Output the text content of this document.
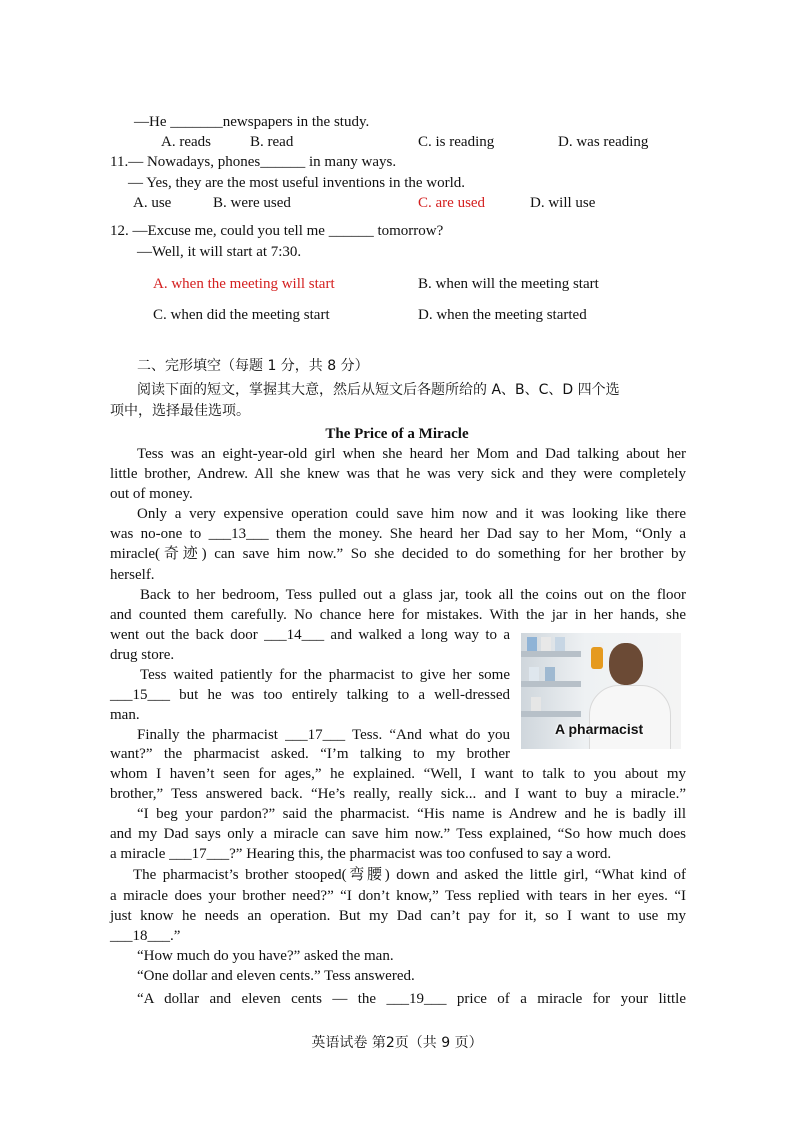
—He _______newspapers in the study.
A. reads	B. read	C. is reading	D. was reading
11.— Nowadays, phones______ in many ways.
— Yes, they are the most useful inventions in the world.
A. use	B. were used	C. are used	D. will use
12. —Excuse me, could you tell me ______ tomorrow?
—Well, it will start at 7:30.
A. when the meeting will start	B. when will the meeting start
C. when did the meeting start	D. when the meeting started
二、完形填空（每题 1 分，共 8 分）
阅读下面的短文，掌握其大意，然后从短文后各题所给的 A、B、C、D 四个选
项中，选择最佳选项。
The Price of a Miracle
Tess was an eight-year-old girl when she heard her Mom and Dad talking about her
little brother, Andrew. All she knew was that he was very sick and they were completely
out of money.
Only a very expensive operation could save him now and it was looking like there
was no-one to ___13___ them the money. She heard her Dad say to her Mom, “Only a
miracle(奇迹) can save him now.” So she decided to do something for her brother by
herself.
Back to her bedroom, Tess pulled out a glass jar, took all the coins out on the floor
and counted them carefully. No chance here for mistakes. With the jar in her hands, she
went out the back door ___14___ and walked a long way to a
drug store.
Tess waited patiently for the pharmacist to give her some
___15___ but he was too entirely talking to a well-dressed
man.
Finally the pharmacist ___17___ Tess. “And what do you
want?” the pharmacist asked. “I’m talking to my brother
whom I haven’t seen for ages,” he explained. “Well, I want to talk to you about my
brother,” Tess answered back. “He’s really, really sick... and I want to buy a miracle.”
“I beg your pardon?” said the pharmacist. “His name is Andrew and he is badly ill
and my Dad says only a miracle can save him now.” Tess explained, “So how much does
a miracle ___17___?” Hearing this, the pharmacist was too confused to say a word.
The pharmacist’s brother stooped(弯腰) down and asked the little girl, “What kind of
a miracle does your brother need?” “I don’t know,” Tess replied with tears in her eyes. “I
just know he needs an operation. But my Dad can’t pay for it, so I want to use my
___18___.”
“How much do you have?” asked the man.
“One dollar and eleven cents.” Tess answered.
“A dollar and eleven cents — the ___19___ price of a miracle for your little
A pharmacist
英语试卷 第2页（共 9 页）
